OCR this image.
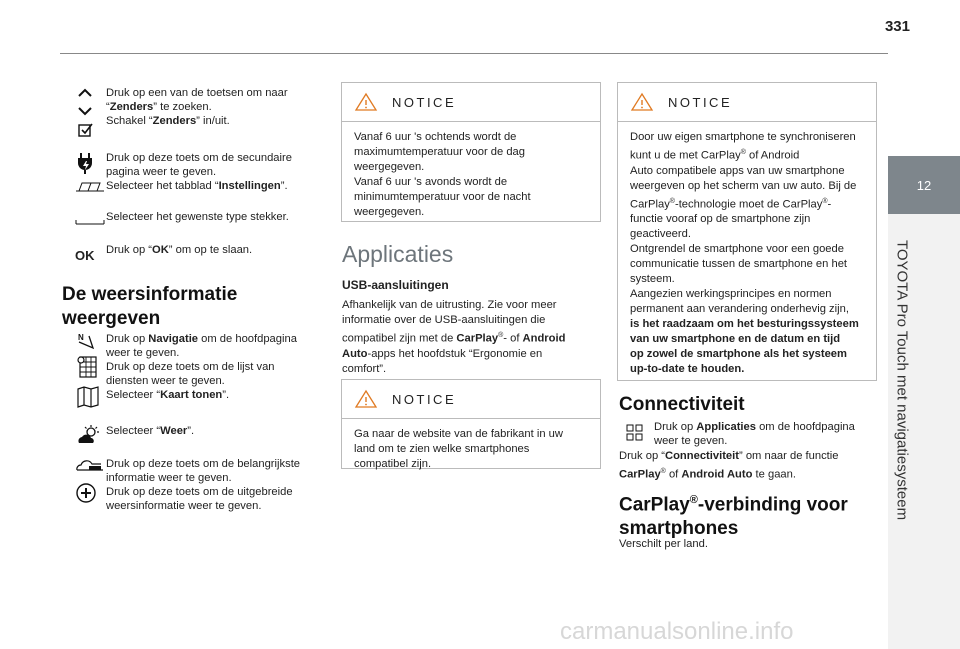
331
12
TOYOTA Pro Touch met navigatiesysteem

Druk op een van de toetsen om naar

“Zenders” te zoeken.

Schakel “Zenders” in/uit.

Druk op deze toets om de secundaire

pagina weer te geven.

Selecteer het tabblad “Instellingen”.

Selecteer het gewenste type stekker.

OK Druk op “OK” om op te slaan.

De weersinformatie
weergeven
N Druk op Navigatie om de hoofdpagina

weer te geven.

Druk op deze toets om de lijst van

diensten weer te geven.

Selecteer “Kaart tonen”.

Selecteer “Weer”.

Druk op deze toets om de belangrijkste

informatie weer te geven.

Druk op deze toets om de uitgebreide

weersinformatie weer te geven.

NOTICE

Vanaf 6 uur 's ochtends wordt de

maximumtemperatuur voor de dag

weergegeven.

Vanaf 6 uur 's avonds wordt de

minimumtemperatuur voor de nacht

weergegeven.

Applicaties
USB-aansluitingen
Afhankelijk van de uitrusting. Zie voor meer
informatie over de USB-aansluitingen die
compatibel zijn met de CarPlay®- of Android
Auto-apps het hoofdstuk “Ergonomie en
comfort”.
NOTICE

Ga naar de website van de fabrikant in uw

land om te zien welke smartphones

compatibel zijn.

NOTICE

Door uw eigen smartphone te synchroniseren

kunt u de met CarPlay® of Android

Auto compatibele apps van uw smartphone

weergeven op het scherm van uw auto. Bij de

CarPlay®-technologie moet de CarPlay®-

functie vooraf op de smartphone zijn

geactiveerd.

Ontgrendel de smartphone voor een goede

communicatie tussen de smartphone en het

systeem.

Aangezien werkingsprincipes en normen

permanent aan verandering onderhevig zijn,

is het raadzaam om het besturingssysteem

van uw smartphone en de datum en tijd

op zowel de smartphone als het systeem

up-to-date te houden.

Connectiviteit

Druk op Applicaties om de hoofdpagina

weer te geven.

Druk op “Connectiviteit” om naar de functie
CarPlay® of Android Auto te gaan.
CarPlay®-verbinding voor
smartphones
Verschilt per land.
carmanualsonline.info
